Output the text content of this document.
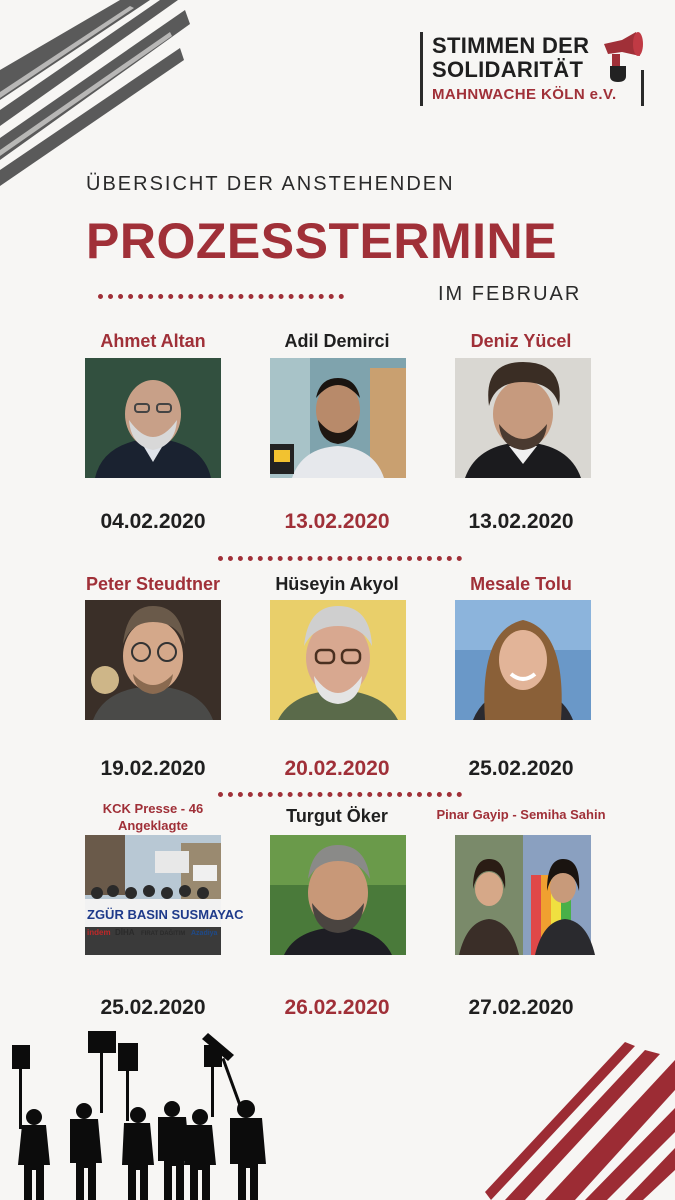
STIMMEN DER
SOLIDARITÄT
MAHNWACHE KÖLN e.V.
ÜBERSICHT DER ANSTEHENDEN
PROZESSTERMINE
IM FEBRUAR
Ahmet Altan	Adil Demirci	Deniz Yücel
04.02.2020	13.02.2020	13.02.2020
Peter Steudtner	Hüseyin Akyol	Mesale Tolu
19.02.2020	20.02.2020	25.02.2020
KCK Presse - 46 Angeklagte	Turgut Öker	Pinar Gayip - Semiha Sahin
ZGÜR BASIN SUSMAYAC
indem DİHA FIRAT DAĞITIM Azadiya
25.02.2020	26.02.2020	27.02.2020
